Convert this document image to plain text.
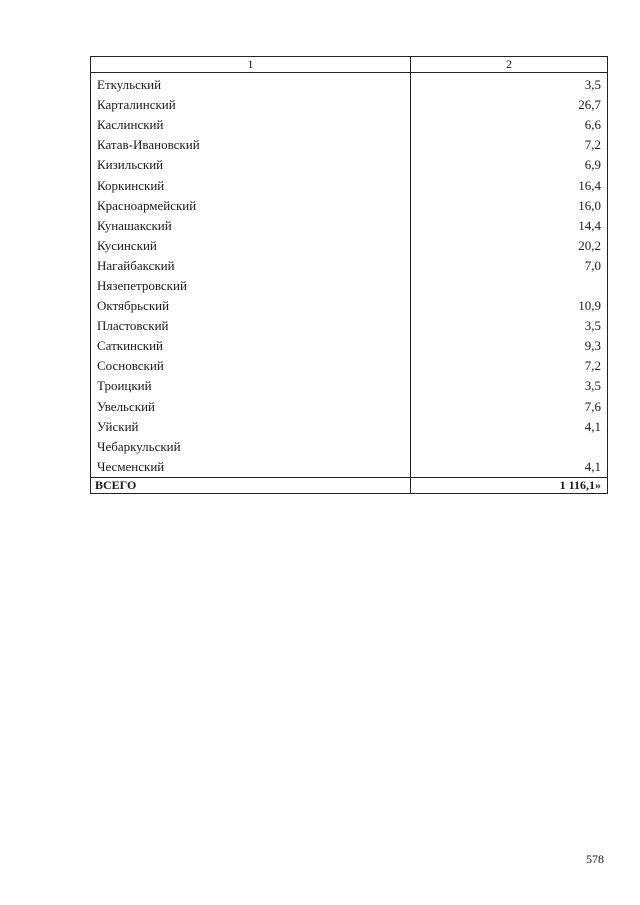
1	2
Еткульский	3,5
Карталинский	26,7
Каслинский	6,6
Катав-Ивановский	7,2
Кизильский	6,9
Коркинский	16,4
Красноармейский	16,0
Кунашакский	14,4
Кусинский	20,2
Нагайбакский	7,0
Нязепетровский	
Октябрьский	10,9
Пластовский	3,5
Саткинский	9,3
Сосновский	7,2
Троицкий	3,5
Увельский	7,6
Уйский	4,1
Чебаркульский	
Чесменский	4,1
ВСЕГО	1 116,1»
578
